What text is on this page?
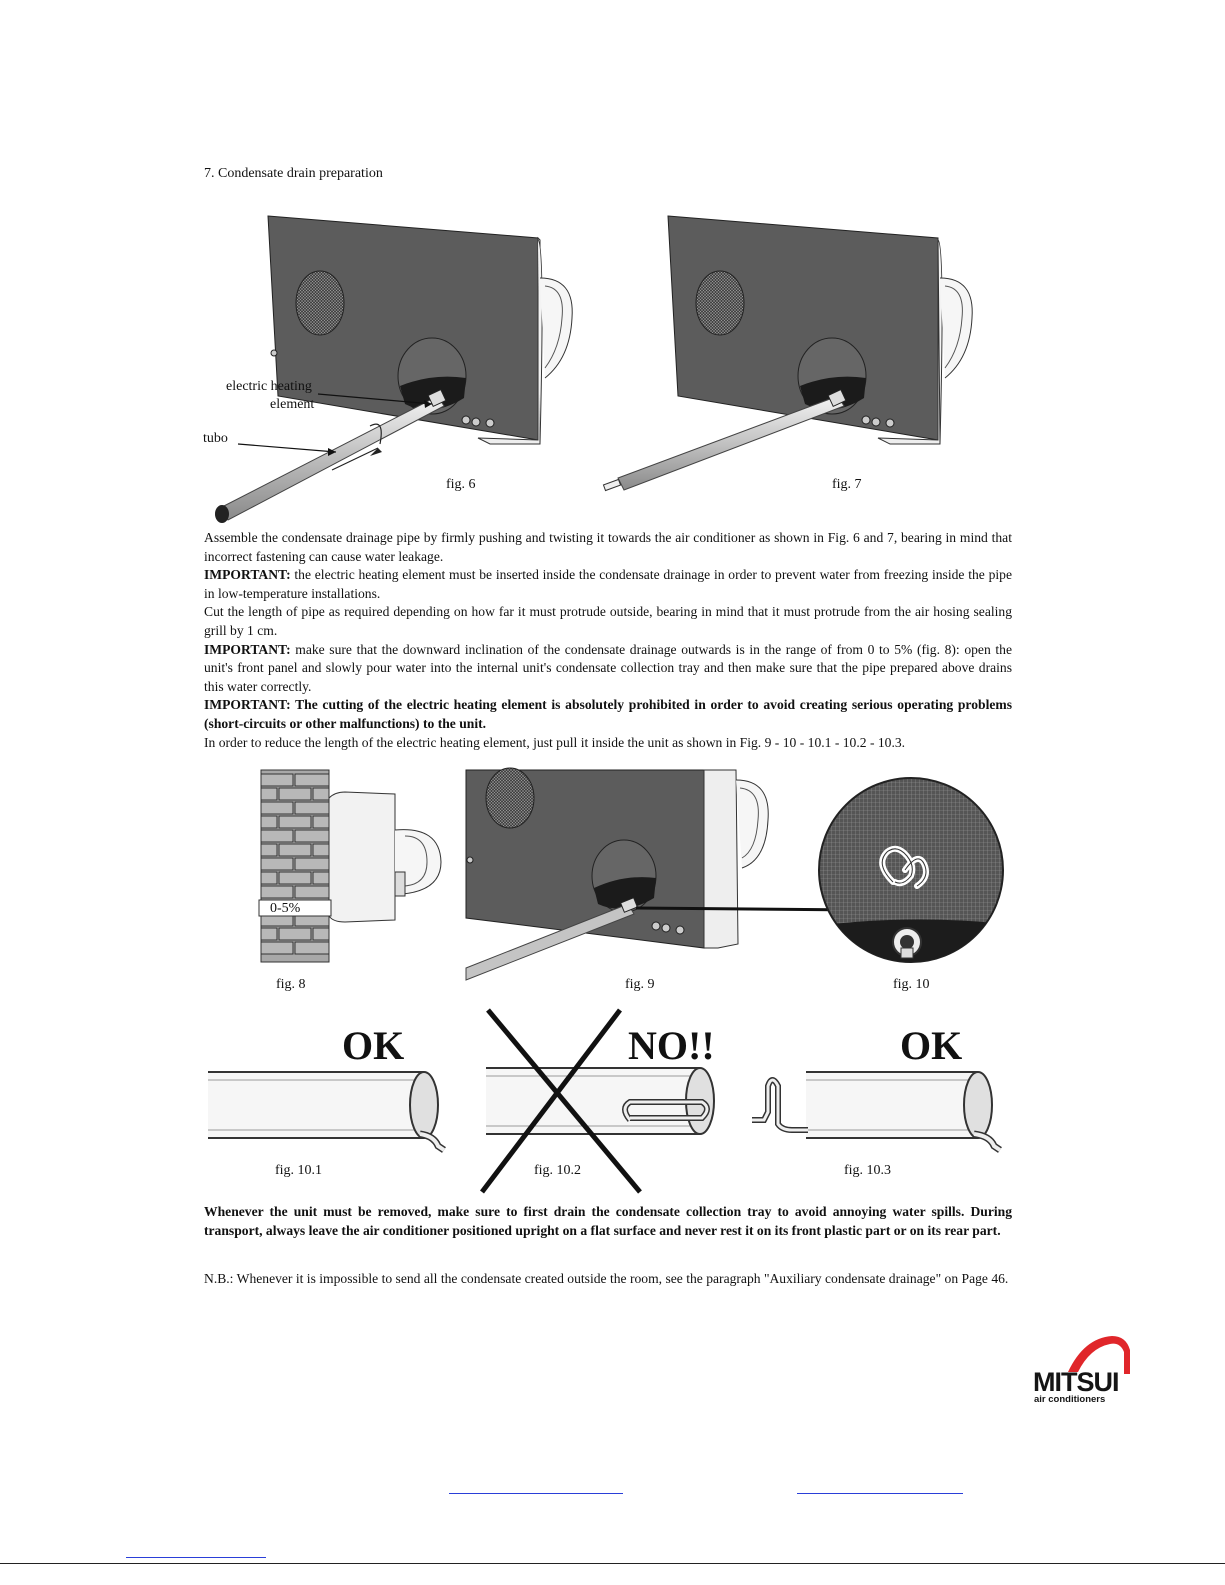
7. Condensate drain preparation
electric heating
element
tubo
fig. 6	fig. 7

Assemble the condensate drainage pipe by firmly pushing and twisting it towards the air conditioner as shown in Fig. 6 and 7, bearing in mind that incorrect fastening can cause water leakage.

IMPORTANT: the electric heating element must be inserted inside the condensate drainage in order to prevent water from freezing inside the pipe in low-temperature installations.

Cut the length of pipe as required depending on how far it must protrude outside, bearing in mind that it must protrude from the air hosing sealing grill by 1 cm.

IMPORTANT: make sure that the downward inclination of the condensate drainage outwards is in the range of from 0 to 5% (fig. 8): open the unit's front panel and slowly pour water into the internal unit's condensate collection tray and then make sure that the pipe prepared above drains this water correctly.

IMPORTANT: The cutting of the electric heating element is absolutely prohibited in order to avoid creating serious operating problems (short-circuits or other malfunctions) to the unit.

In order to reduce the length of the electric heating element, just pull it inside the unit as shown in Fig. 9 - 10 - 10.1 - 10.2 - 10.3.

0-5%
fig. 8	fig. 9	fig. 10
OK
fig. 10.1
NO!!
fig. 10.2
OK
fig. 10.3

Whenever the unit must be removed, make sure to first drain the condensate collection tray to avoid annoying water spills. During transport, always leave the air conditioner positioned upright on a flat surface and never rest it on its front plastic part or on its rear part.

N.B.: Whenever it is impossible to send all the condensate created outside the room, see the paragraph "Auxiliary condensate drainage" on Page 46.

MITSUI
air conditioners
